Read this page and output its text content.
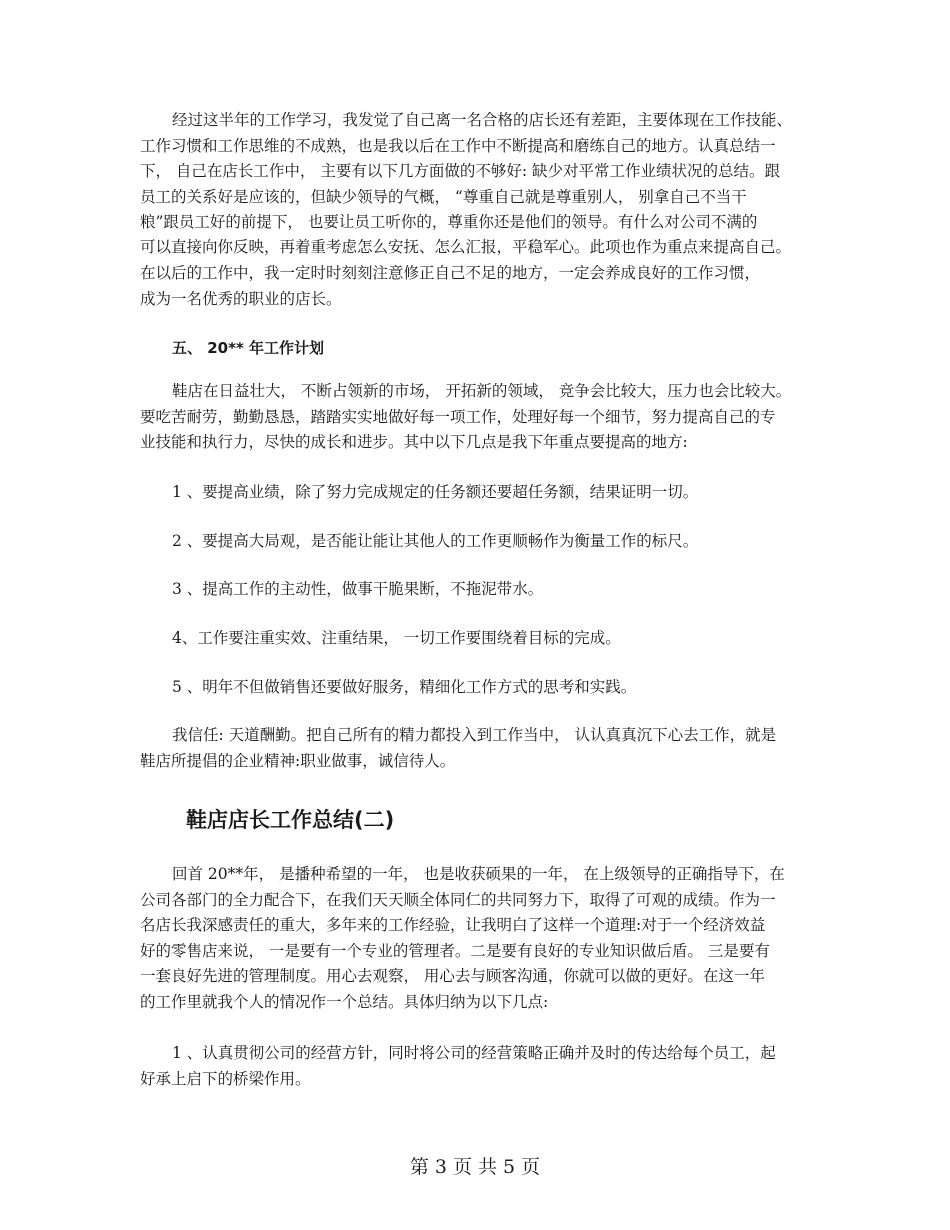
经过这半年的工作学习，我发觉了自己离一名合格的店长还有差距，主要体现在工作技能、
工作习惯和工作思维的不成熟，也是我以后在工作中不断提高和磨练自己的地方。认真总结一
下， 自己在店长工作中， 主要有以下几方面做的不够好: 缺少对平常工作业绩状况的总结。跟
员工的关系好是应该的，但缺少领导的气概， “尊重自己就是尊重别人， 别拿自己不当干
粮”跟员工好的前提下， 也要让员工听你的，尊重你还是他们的领导。有什么对公司不满的
可以直接向你反映，再着重考虑怎么安抚、怎么汇报，平稳军心。此项也作为重点来提高自己。
在以后的工作中，我一定时时刻刻注意修正自己不足的地方，一定会养成良好的工作习惯，
成为一名优秀的职业的店长。
五、 20** 年工作计划
鞋店在日益壮大， 不断占领新的市场， 开拓新的领域， 竞争会比较大，压力也会比较大。
要吃苦耐劳，勤勤恳恳，踏踏实实地做好每一项工作，处理好每一个细节，努力提高自己的专
业技能和执行力，尽快的成长和进步。其中以下几点是我下年重点要提高的地方:
1 、要提高业绩，除了努力完成规定的任务额还要超任务额，结果证明一切。
2 、要提高大局观，是否能让能让其他人的工作更顺畅作为衡量工作的标尺。
3 、提高工作的主动性，做事干脆果断，不拖泥带水。
4、工作要注重实效、注重结果， 一切工作要围绕着目标的完成。
5 、明年不但做销售还要做好服务，精细化工作方式的思考和实践。
我信任: 天道酬勤。把自己所有的精力都投入到工作当中， 认认真真沉下心去工作，就是
鞋店所提倡的企业精神:职业做事，诚信待人。
鞋店店长工作总结(二)
回首 20**年， 是播种希望的一年， 也是收获硕果的一年， 在上级领导的正确指导下，在
公司各部门的全力配合下，在我们天天顺全体同仁的共同努力下，取得了可观的成绩。作为一
名店长我深感责任的重大，多年来的工作经验，让我明白了这样一个道理:对于一个经济效益
好的零售店来说， 一是要有一个专业的管理者。二是要有良好的专业知识做后盾。 三是要有
一套良好先进的管理制度。用心去观察， 用心去与顾客沟通，你就可以做的更好。在这一年
的工作里就我个人的情况作一个总结。具体归纳为以下几点:
1 、认真贯彻公司的经营方针，同时将公司的经营策略正确并及时的传达给每个员工，起
好承上启下的桥梁作用。
第 3 页 共 5 页
